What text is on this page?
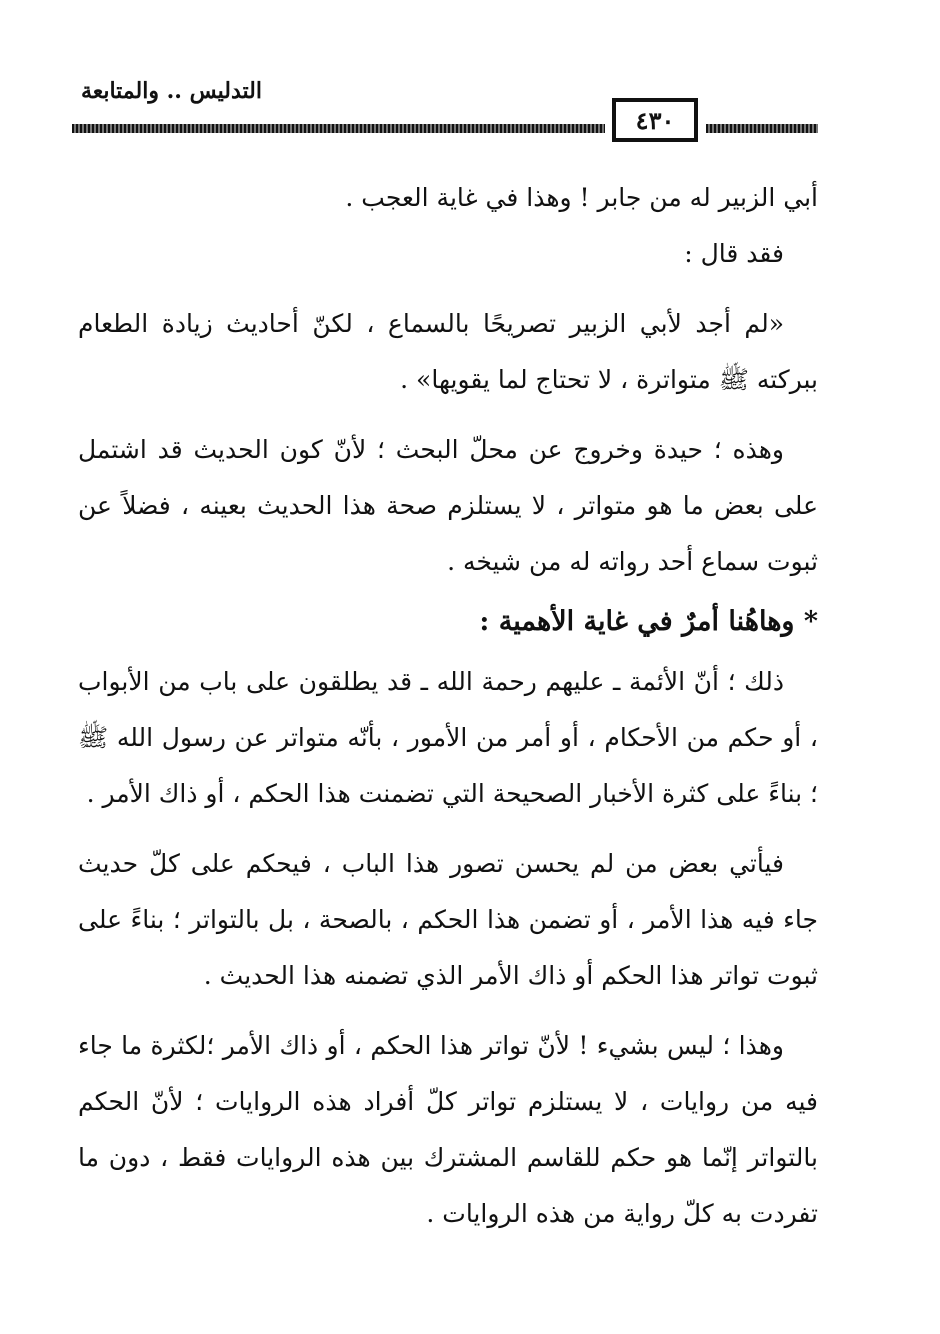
التدليس .. والمتابعة
٤٣٠

أبي الزبير له من جابر ! وهذا في غاية العجب .

فقد قال :

«لم أجد لأبي الزبير تصريحًا بالسماع ، لكنّ أحاديث زيادة الطعام ببركته ﷺ متواترة ، لا تحتاج لما يقويها» .

وهذه ؛ حيدة وخروج عن محلّ البحث ؛ لأنّ كون الحديث قد اشتمل على بعض ما هو متواتر ، لا يستلزم صحة هذا الحديث بعينه ، فضلاً عن ثبوت سماع أحد رواته له من شيخه .

* وهاهُنا أمرٌ في غاية الأهمية :

ذلك ؛ أنّ الأئمة ـ عليهم رحمة الله ـ قد يطلقون على باب من الأبواب ، أو حكم من الأحكام ، أو أمر من الأمور ، بأنّه متواتر عن رسول الله ﷺ ؛ بناءً على كثرة الأخبار الصحيحة التي تضمنت هذا الحكم ، أو ذاك الأمر .

فيأتي بعض من لم يحسن تصور هذا الباب ، فيحكم على كلّ حديث جاء فيه هذا الأمر ، أو تضمن هذا الحكم ، بالصحة ، بل بالتواتر ؛ بناءً على ثبوت تواتر هذا الحكم أو ذاك الأمر الذي تضمنه هذا الحديث .

وهذا ؛ ليس بشيء ! لأنّ تواتر هذا الحكم ، أو ذاك الأمر ؛لكثرة ما جاء فيه من روايات ، لا يستلزم تواتر كلّ أفراد هذه الروايات ؛ لأنّ الحكم بالتواتر إنّما هو حكم للقاسم المشترك بين هذه الروايات فقط ، دون ما تفردت به كلّ رواية من هذه الروايات .
